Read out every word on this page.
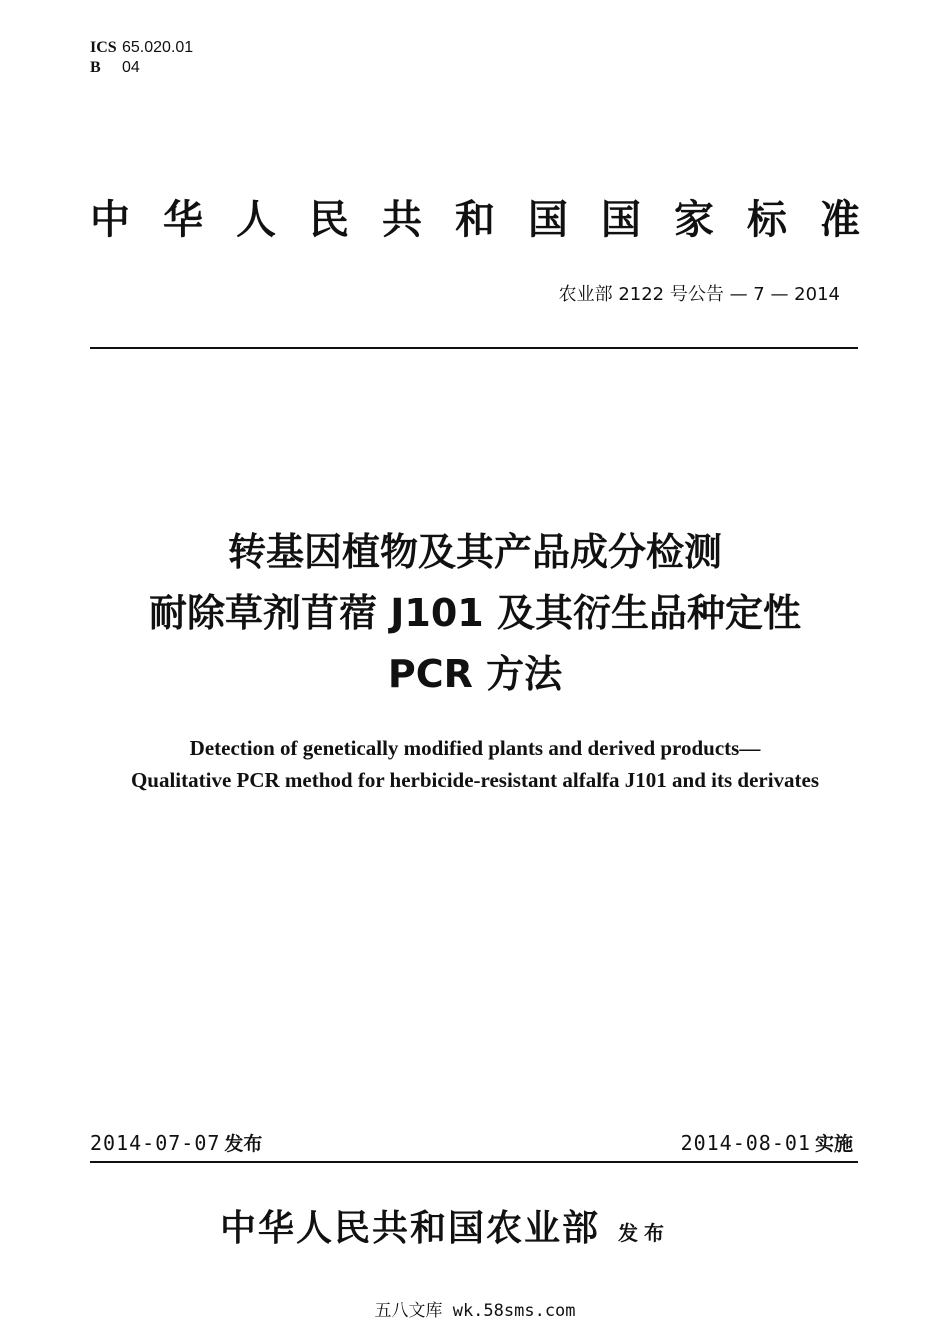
ICS 65.020.01
B 04
中 华 人 民 共 和 国 国 家 标 准
农业部 2122 号公告 — 7 — 2014
转基因植物及其产品成分检测
耐除草剂苜蓿 J101 及其衍生品种定性
PCR 方法
Detection of genetically modified plants and derived products—
Qualitative PCR method for herbicide-resistant alfalfa J101 and its derivates
2014-07-07 发布	2014-08-01 实施
中华人民共和国农业部 发布
五八文库 wk.58sms.com
